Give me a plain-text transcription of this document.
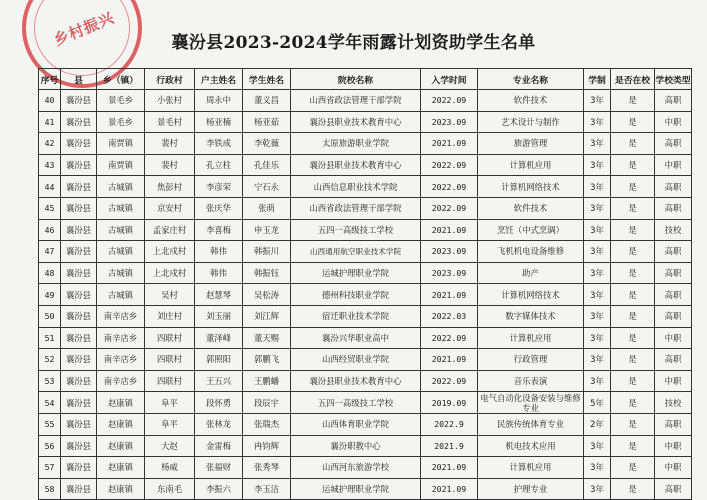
乡村振兴	襄汾县2023-2024学年雨露计划资助学生名单
序号	县	乡（镇）	行政村	户主姓名	学生姓名	院校名称	入学时间	专业名称	学制	是否在校	学校类型
40	襄汾县	景毛乡	小张村	周永中	董义昌	山西省政法管理干部学院	2022.09	软件技术	3年	是	高职
41	襄汾县	景毛乡	景毛村	杨亚楠	杨亚茹	襄汾县职业技术教育中心	2023.09	艺术设计与制作	3年	是	中职
42	襄汾县	南贾镇	裴村	李铁成	李乾薇	太原旅游职业学院	2021.09	旅游管理	3年	是	高职
43	襄汾县	南贾镇	裴村	孔立柱	孔佳乐	襄汾县职业技术教育中心	2022.09	计算机应用	3年	是	中职
44	襄汾县	古城镇	焦彭村	李彦荣	宁石永	山西信息职业技术学院	2022.09	计算机网络技术	3年	是	高职
45	襄汾县	古城镇	京安村	张庆华	张萌	山西省政法管理干部学院	2022.09	软件技术	3年	是	高职
46	襄汾县	古城镇	孟家庄村	李喜梅	申玉龙	五四一高级技工学校	2021.09	烹饪（中式烹调）	3年	是	技校
47	襄汾县	古城镇	上北戍村	韩伟	韩振川	山西通用航空职业技术学院	2023.09	飞机机电设备维修	3年	是	高职
48	襄汾县	古城镇	上北戍村	韩伟	韩振钰	运城护理职业学院	2023.09	助产	3年	是	高职
49	襄汾县	古城镇	吴村	赵慧琴	吴松涛	德州科技职业学院	2021.09	计算机网络技术	3年	是	高职
50	襄汾县	南辛店乡	刘庄村	刘玉丽	刘江辉	宿迁职业技术学院	2022.03	数字媒体技术	3年	是	高职
51	襄汾县	南辛店乡	四联村	董泽峰	董天赐	襄汾兴华职业高中	2022.09	计算机应用	3年	是	中职
52	襄汾县	南辛店乡	四联村	郭照阳	郭鹏飞	山西经贸职业学院	2021.09	行政管理	3年	是	高职
53	襄汾县	南辛店乡	四联村	王五兴	王鹏蟠	襄汾县职业技术教育中心	2022.09	音乐表演	3年	是	中职
54	襄汾县	赵康镇	阜平	段怀勇	段辰宇	五四一高级技工学校	2019.09	电气自动化设备安装与维修专业	5年	是	技校
55	襄汾县	赵康镇	阜平	张林龙	张瑞杰	山西体育职业学院	2022.9	民族传统体育专业	2年	是	高职
56	襄汾县	赵康镇	大赵	金雷梅	冉钧辉	襄汾职教中心	2021.9	机电技术应用	3年	是	中职
57	襄汾县	赵康镇	杨威	张福财	张秀琴	山西河东旅游学校	2021.09	计算机应用	3年	是	中职
58	襄汾县	赵康镇	东南毛	李振六	李玉洁	运城护理职业学院	2021.09	护理专业	3年	是	高职
